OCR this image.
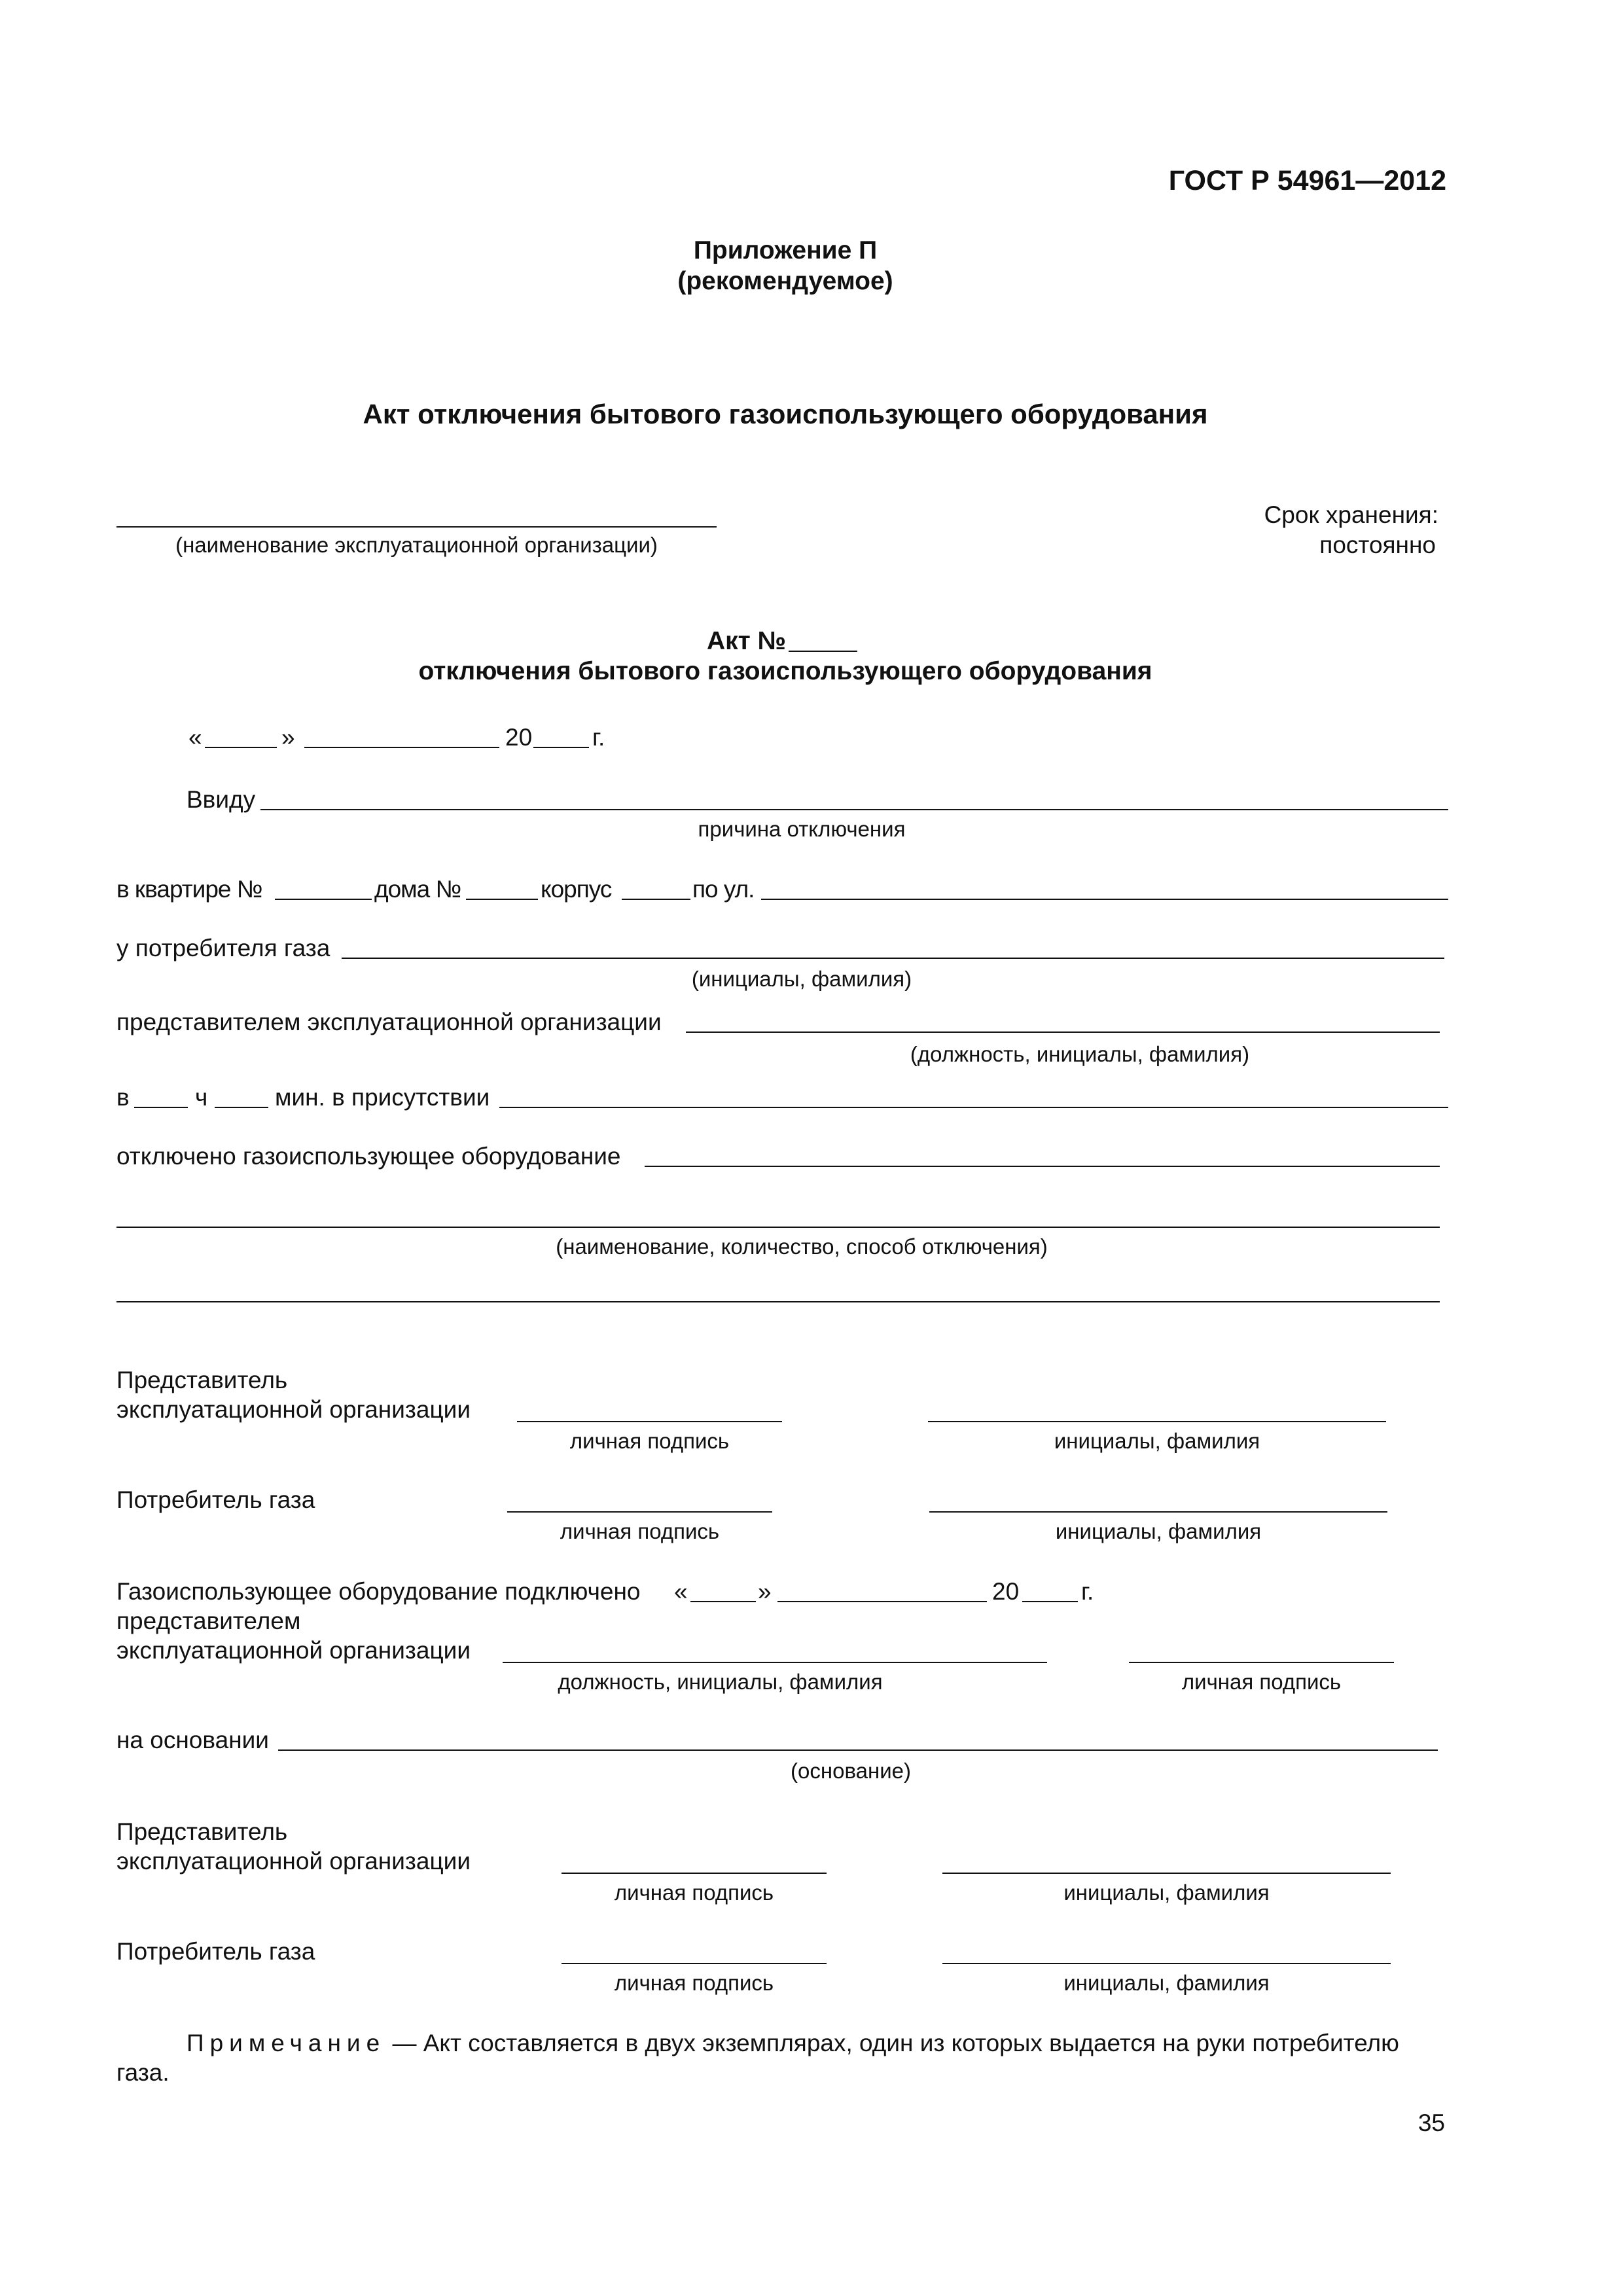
ГОСТ Р 54961—2012
Приложение П
(рекомендуемое)
Акт отключения бытового газоиспользующего оборудования
(наименование эксплуатационной организации)
Срок хранения:
постоянно
Акт №
отключения бытового газоиспользующего оборудования
«	»	20 г.
Ввиду
причина отключения
в квартире №	дома №	корпус	по ул.
у потребителя газа
(инициалы, фамилия)
представителем эксплуатационной организации
(должность, инициалы, фамилия)
в	ч	мин. в присутствии
отключено газоиспользующее оборудование
(наименование, количество, способ отключения)
Представитель
эксплуатационной организации
личная подпись	инициалы, фамилия
Потребитель газа
личная подпись	инициалы, фамилия
Газоиспользующее оборудование подключено «	»	20	г.
представителем
эксплуатационной организации
должность, инициалы, фамилия	личная подпись
на основании
(основание)
Представитель
эксплуатационной организации
личная подпись	инициалы, фамилия
Потребитель газа
личная подпись	инициалы, фамилия
Примечание — Акт составляется в двух экземплярах, один из которых выдается на руки потребителю
газа.
35
